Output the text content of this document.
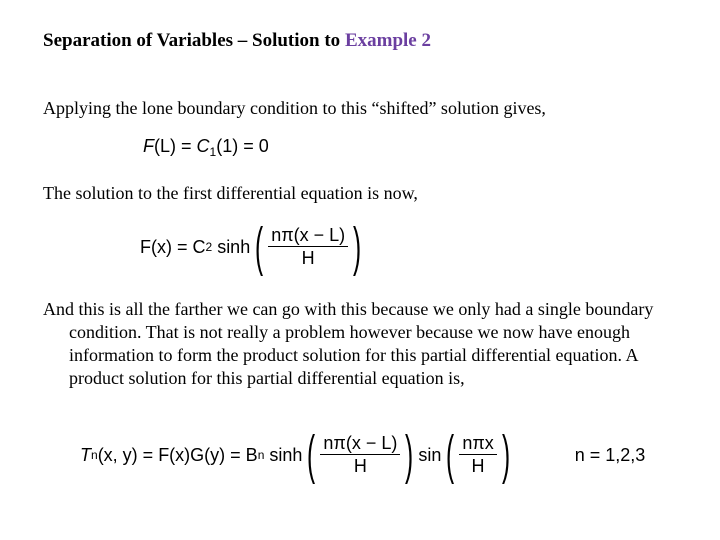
Separation of Variables – Solution to Example 2
Applying the lone boundary condition to this “shifted” solution gives,
$F(L) = C_1(1) = 0$
The solution to the first differential equation is now,
F(x) = C 2 sinh ( $\frac{n\pi(x - L)}{H}$ )
And this is all the farther we can go with this because we only had a single boundary condition. That is not really a problem however because we now have enough information to form the product solution for this partial differential equation. A product solution for this partial differential equation is,
T n (x, y) = F(x)G(y) = B n sinh ( $\frac{n\pi(x - L)}{H}$ ) sin ( $\frac{\text{nπx}}{H}$ )	n = 1,2,3
